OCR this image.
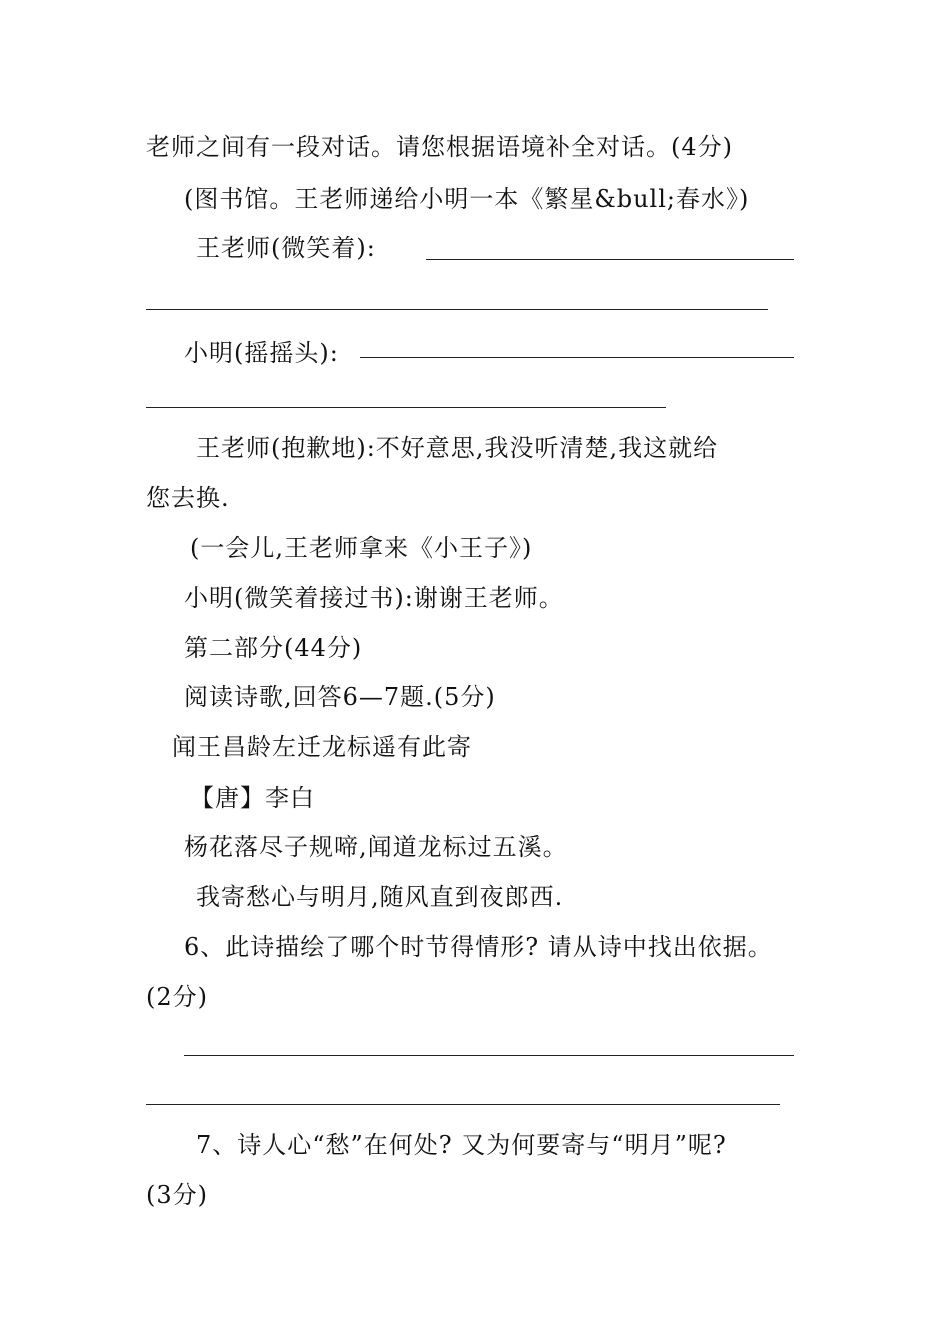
老师之间有一段对话。请您根据语境补全对话。(4分)
(图书馆。王老师递给小明一本《繁星&bull;春水》)
王老师(微笑着):
小明(摇摇头):
王老师(抱歉地):不好意思,我没听清楚,我这就给
您去换.
(一会儿,王老师拿来《小王子》)
小明(微笑着接过书):谢谢王老师。
第二部分(44分)
阅读诗歌,回答6—7题.(5分)
闻王昌龄左迁龙标遥有此寄
【唐】李白
杨花落尽子规啼,闻道龙标过五溪。
我寄愁心与明月,随风直到夜郎西.
6、此诗描绘了哪个时节得情形? 请从诗中找出依据。
(2分)
7、诗人心“愁”在何处? 又为何要寄与“明月”呢?
(3分)
